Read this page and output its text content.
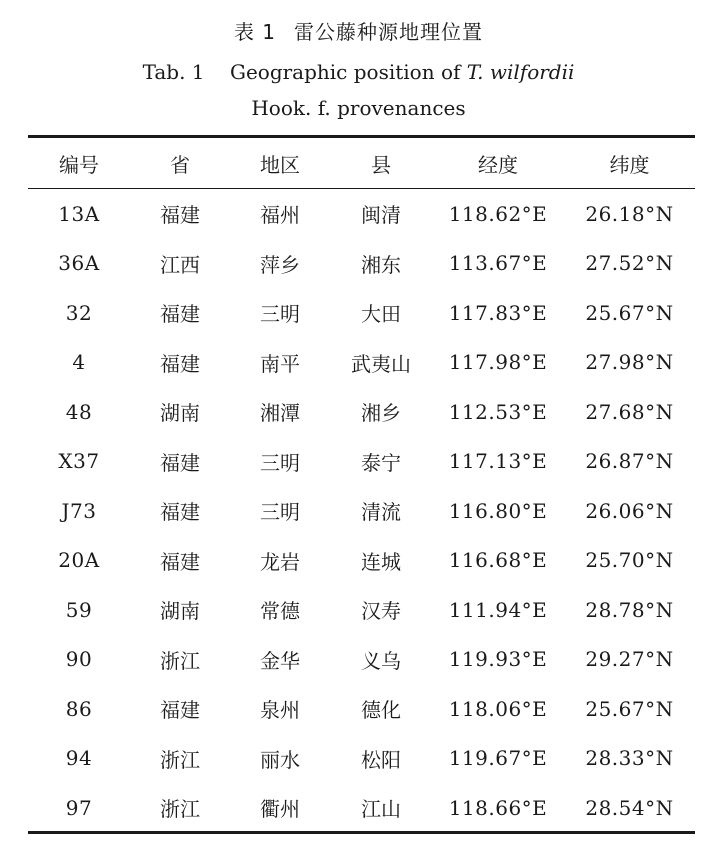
表 1 雷公藤种源地理位置
Tab. 1    Geographic position of T. wilfordii
Hook. f. provenances
编号	省	地区	县	经度	纬度
13A	福建	福州	闽清	118.62°E	26.18°N
36A	江西	萍乡	湘东	113.67°E	27.52°N
32	福建	三明	大田	117.83°E	25.67°N
4	福建	南平	武夷山	117.98°E	27.98°N
48	湖南	湘潭	湘乡	112.53°E	27.68°N
X37	福建	三明	泰宁	117.13°E	26.87°N
J73	福建	三明	清流	116.80°E	26.06°N
20A	福建	龙岩	连城	116.68°E	25.70°N
59	湖南	常德	汉寿	111.94°E	28.78°N
90	浙江	金华	义乌	119.93°E	29.27°N
86	福建	泉州	德化	118.06°E	25.67°N
94	浙江	丽水	松阳	119.67°E	28.33°N
97	浙江	衢州	江山	118.66°E	28.54°N
